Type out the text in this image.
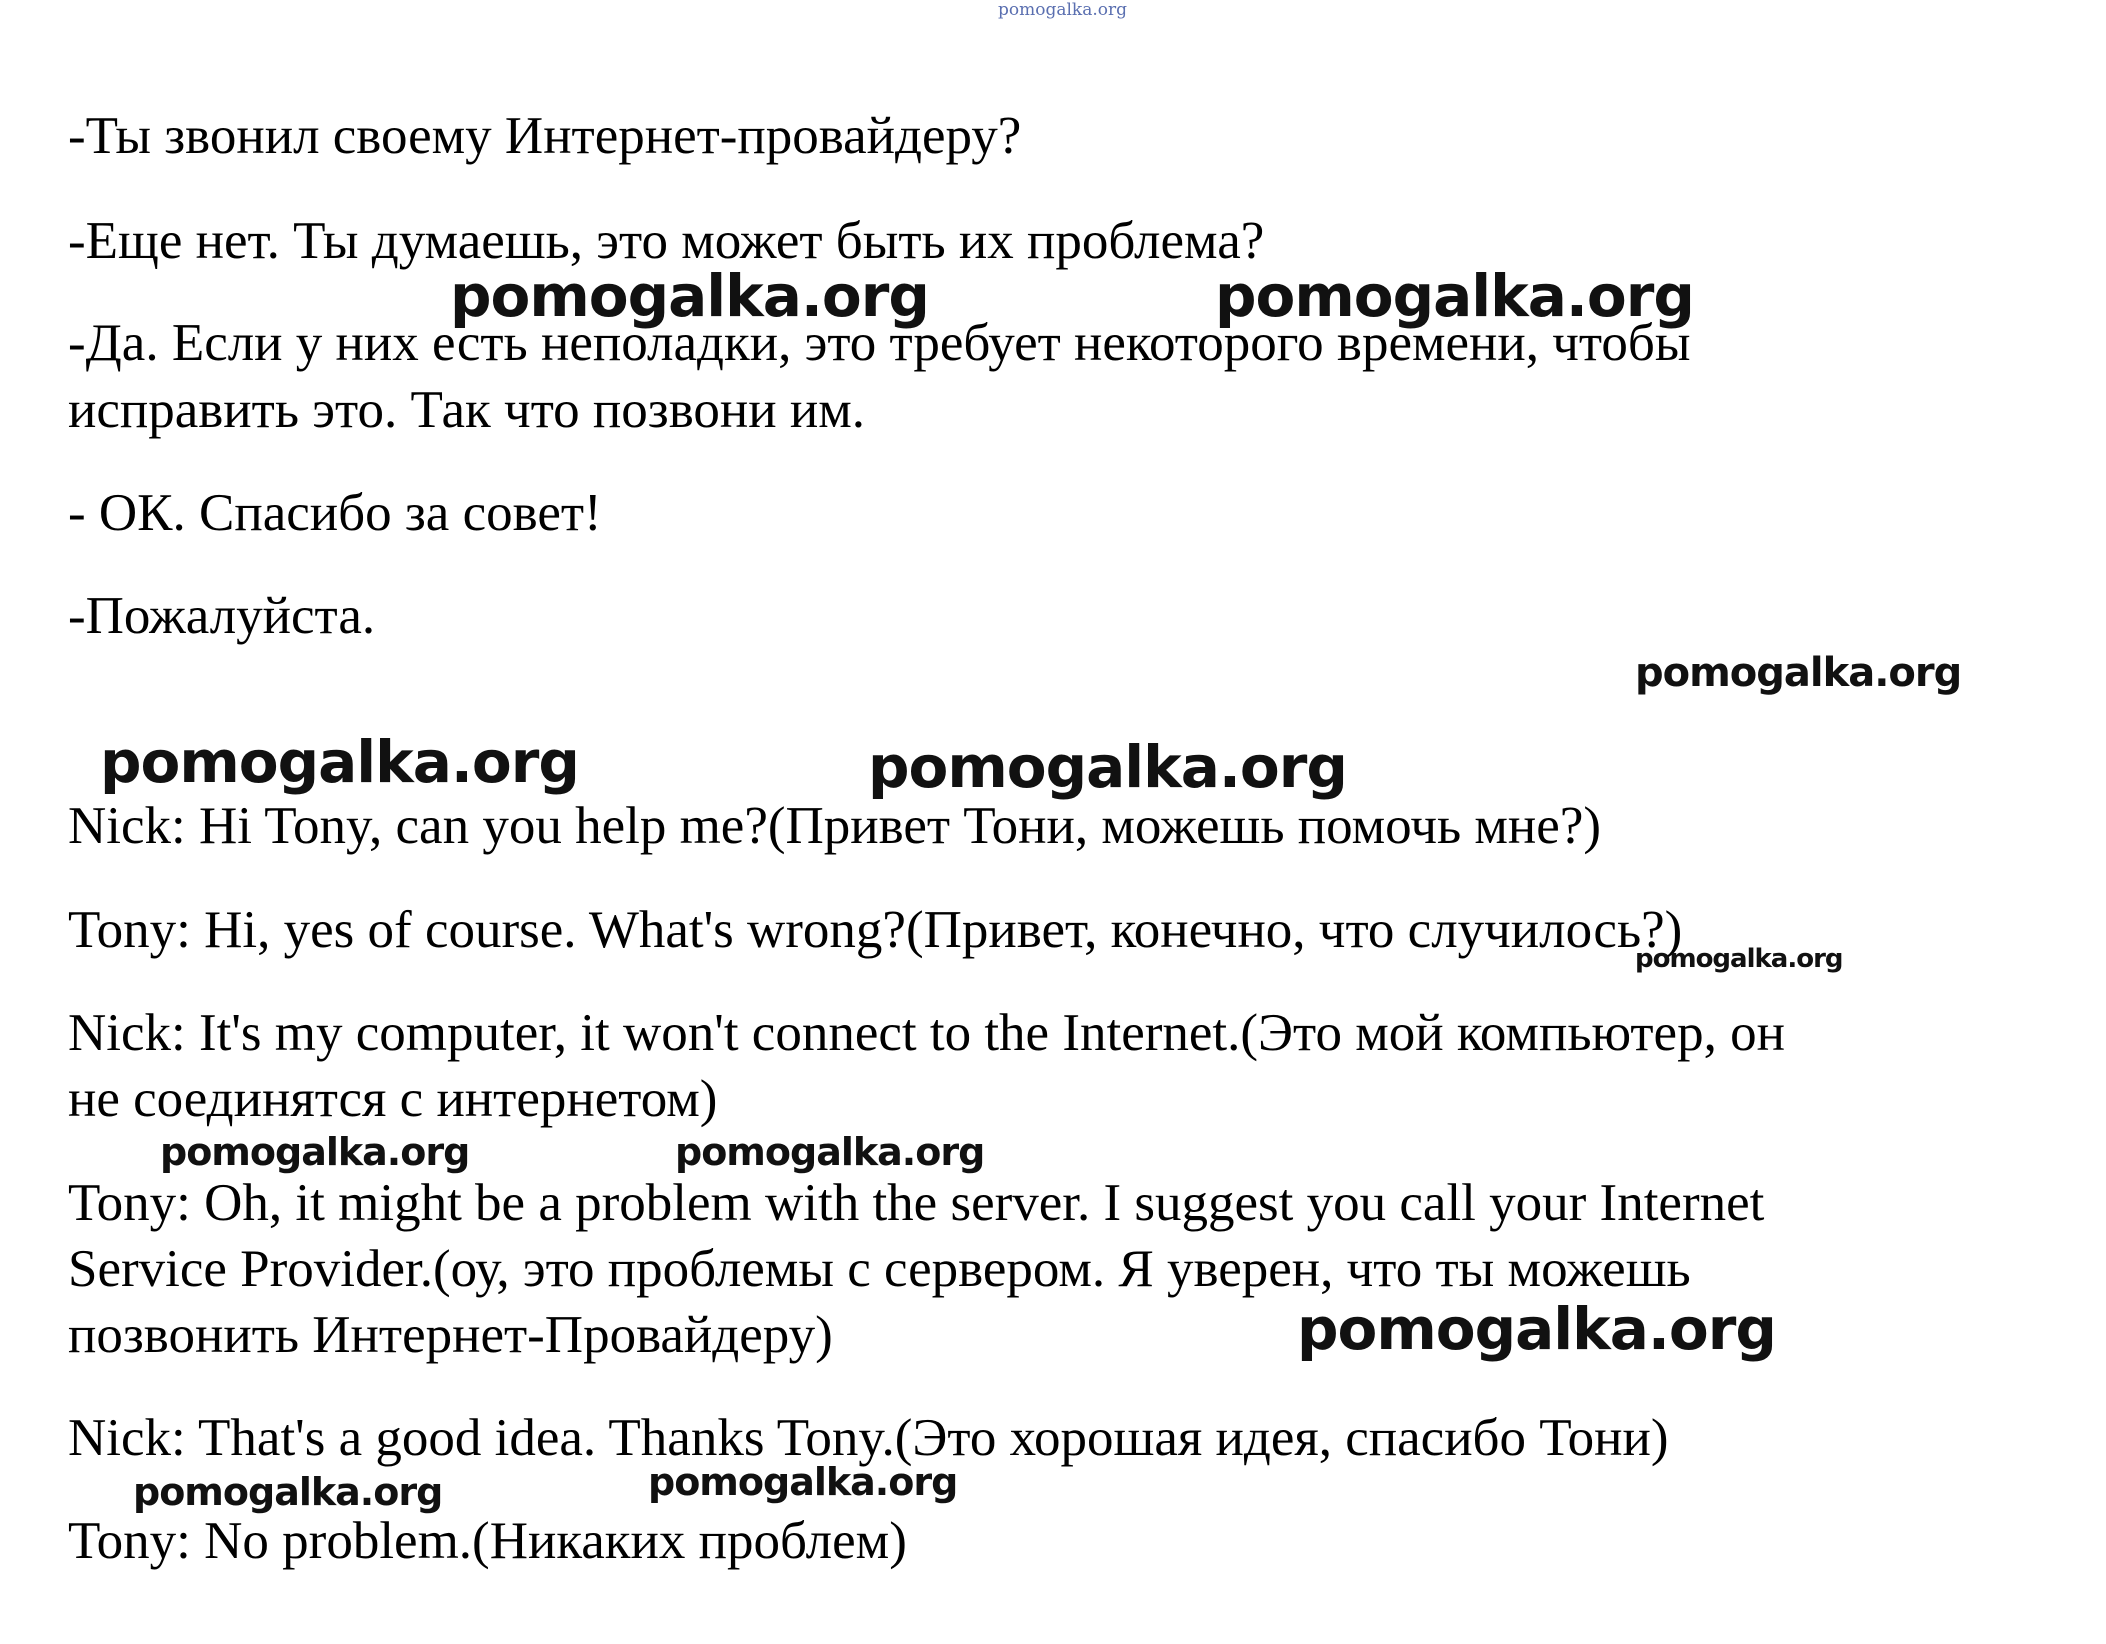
pomogalka.org

-Ты звонил своему Интернет-провайдеру?

-Еще нет. Ты думаешь, это может быть их проблема?

-Да. Если у них есть неполадки, это требует некоторого времени, чтобы

исправить это. Так что позвони им.

- ОК. Спасибо за совет!

-Пожалуйста.

Nick: Hi Tony, can you help me?(Привет Тони, можешь помочь мне?)

Tony: Hi, yes of course. What's wrong?(Привет, конечно, что случилось?)

Nick: It's my computer, it won't connect to the Internet.(Это мой компьютер, он

не соединятся с интернетом)

Tony: Oh, it might be a problem with the server. I suggest you call your Internet

Service Provider.(оу, это проблемы с сервером. Я уверен, что ты можешь

позвонить Интернет-Провайдеру)

Nick: That's a good idea. Thanks Tony.(Это хорошая идея, спасибо Тони)

Tony: No problem.(Никаких проблем)

pomogalka.org	pomogalka.org
pomogalka.org
pomogalka.org	pomogalka.org
pomogalka.org
pomogalka.org	pomogalka.org
pomogalka.org
pomogalka.org	pomogalka.org
